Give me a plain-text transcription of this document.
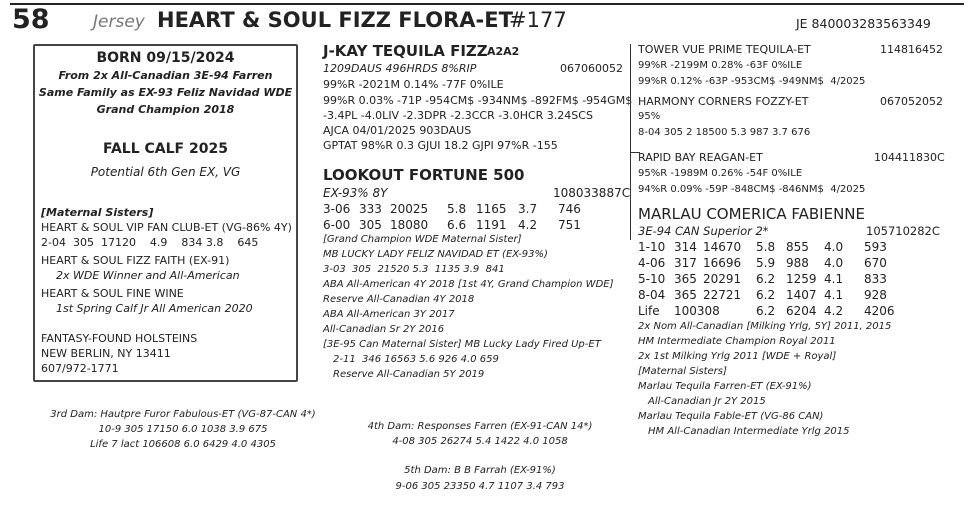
58	Jersey HEART & SOUL FIZZ FLORA-ET
#177	JE 840003283563349
BORN 09/15/2024
From 2x All-Canadian 3E-94 Farren
Same Family as EX-93 Feliz Navidad WDE
Grand Champion 2018
FALL CALF 2025
Potential 6th Gen EX, VG
[Maternal Sisters]
HEART & SOUL VIP FAN CLUB-ET (VG-86% 4Y)
2-04  305  17120    4.9    834 3.8    645
HEART & SOUL FIZZ FAITH (EX-91)
2x WDE Winner and All-American
HEART & SOUL FINE WINE
1st Spring Calf Jr All American 2020
FANTASY-FOUND HOLSTEINS
NEW BERLIN, NY 13411
607/972-1771
J-KAY TEQUILA FIZZ A2A2
1209DAUS 496HRDS 8%RIP	067060052
99%R -2021M 0.14% -77F 0%ILE
99%R 0.03% -71P -954CM$ -934NM$ -892FM$ -954GM$
-3.4PL -4.0LIV -2.3DPR -2.3CCR -3.0HCR 3.24SCS
AJCA 04/01/2025 903DAUS
GPTAT 98%R 0.3 GJUI 18.2 GJPI 97%R -155
LOOKOUT FORTUNE 500
EX-93% 8Y	108033887C
3-06 333 20025 5.8 1165 3.7 746
6-00 305 18080 6.6 1191 4.2 751
[Grand Champion WDE Maternal Sister]
MB LUCKY LADY FELIZ NAVIDAD ET (EX-93%)
3-03  305  21520 5.3  1135 3.9  841
ABA All-American 4Y 2018 [1st 4Y, Grand Champion WDE]
Reserve All-Canadian 4Y 2018
ABA All-American 3Y 2017
All-Canadian Sr 2Y 2016
[3E-95 Can Maternal Sister] MB Lucky Lady Fired Up-ET
2-11  346 16563 5.6 926 4.0 659
Reserve All-Canadian 5Y 2019
TOWER VUE PRIME TEQUILA-ET	114816452
99%R -2199M 0.28% -63F 0%ILE
99%R 0.12% -63P -953CM$ -949NM$  4/2025
HARMONY CORNERS FOZZY-ET	067052052
95%
8-04 305 2 18500 5.3 987 3.7 676
RAPID BAY REAGAN-ET	104411830C
95%R -1989M 0.26% -54F 0%ILE
94%R 0.09% -59P -848CM$ -846NM$  4/2025
MARLAU COMERICA FABIENNE
3E-94 CAN Superior 2*	105710282C
1-10 314 14670 5.8 855 4.0 593
4-06 317 16696 5.9 988 4.0 670
5-10 365 20291 6.2 1259 4.1 833
8-04 365 22721 6.2 1407 4.1 928
Life 100308	6.2 6204 4.2 4206
2x Nom All-Canadian [Milking Yrlg, 5Y] 2011, 2015
HM Intermediate Champion Royal 2011
2x 1st Milking Yrlg 2011 [WDE + Royal]
[Maternal Sisters]
Marlau Tequila Farren-ET (EX-91%)
All-Canadian Jr 2Y 2015
Marlau Tequila Fable-ET (VG-86 CAN)
HM All-Canadian Intermediate Yrlg 2015
3rd Dam: Hautpre Furor Fabulous-ET (VG-87-CAN 4*)
10-9 305 17150 6.0 1038 3.9 675
Life 7 lact 106608 6.0 6429 4.0 4305
4th Dam: Responses Farren (EX-91-CAN 14*)
4-08 305 26274 5.4 1422 4.0 1058
5th Dam: B B Farrah (EX-91%)
9-06 305 23350 4.7 1107 3.4 793
